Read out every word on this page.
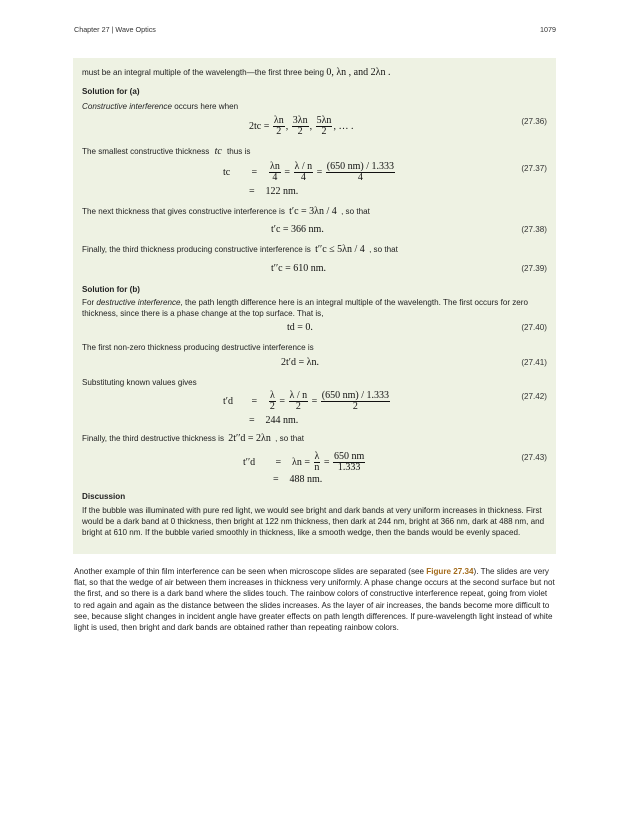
Chapter 27 | Wave Optics	1079
must be an integral multiple of the wavelength—the first three being 0, λn , and 2λn .
Solution for (a)
Constructive interference occurs here when
$2tc = \frac{\lambda n}{2}$ , $\frac{3\lambda n}{2}$ , $\frac{5\lambda n}{2}$ , … .	(27.36)
The smallest constructive thickness tc thus is
tc = $\frac{\lambda n}{4} = \frac{\lambda / n}{4} = \frac{(650 nm) / 1.333}{4}$
= 122 nm.
(27.37)
The next thickness that gives constructive interference is t′c = 3λn / 4 , so that
t′c = 366 nm.	(27.38)
Finally, the third thickness producing constructive interference is t′′c ≤ 5λn / 4 , so that
t′′c = 610 nm.	(27.39)
Solution for (b)
For destructive interference, the path length difference here is an integral multiple of the wavelength. The first occurs for zero thickness, since there is a phase change at the top surface. That is,
td = 0.	(27.40)
The first non-zero thickness producing destructive interference is
2t′d = λn.	(27.41)
Substituting known values gives
$t'd = \frac{\lambda}{2} = \frac{\lambda / n}{2} = \frac{(650 nm) / 1.333}{2}$
= 244 nm.
(27.42)
Finally, the third destructive thickness is 2t′′d = 2λn , so that
$t''d = \lambda n = \frac{\lambda}{n} = \frac{650 nm}{1.333}$
= 488 nm.
(27.43)
Discussion
If the bubble was illuminated with pure red light, we would see bright and dark bands at very uniform increases in thickness. First would be a dark band at 0 thickness, then bright at 122 nm thickness, then dark at 244 nm, bright at 366 nm, dark at 488 nm, and bright at 610 nm. If the bubble varied smoothly in thickness, like a smooth wedge, then the bands would be evenly spaced.
Another example of thin film interference can be seen when microscope slides are separated (see Figure 27.34). The slides are very flat, so that the wedge of air between them increases in thickness very uniformly. A phase change occurs at the second surface but not the first, and so there is a dark band where the slides touch. The rainbow colors of constructive interference repeat, going from violet to red again and again as the distance between the slides increases. As the layer of air increases, the bands become more difficult to see, because slight changes in incident angle have greater effects on path length differences. If pure-wavelength light instead of white light is used, then bright and dark bands are obtained rather than repeating rainbow colors.
